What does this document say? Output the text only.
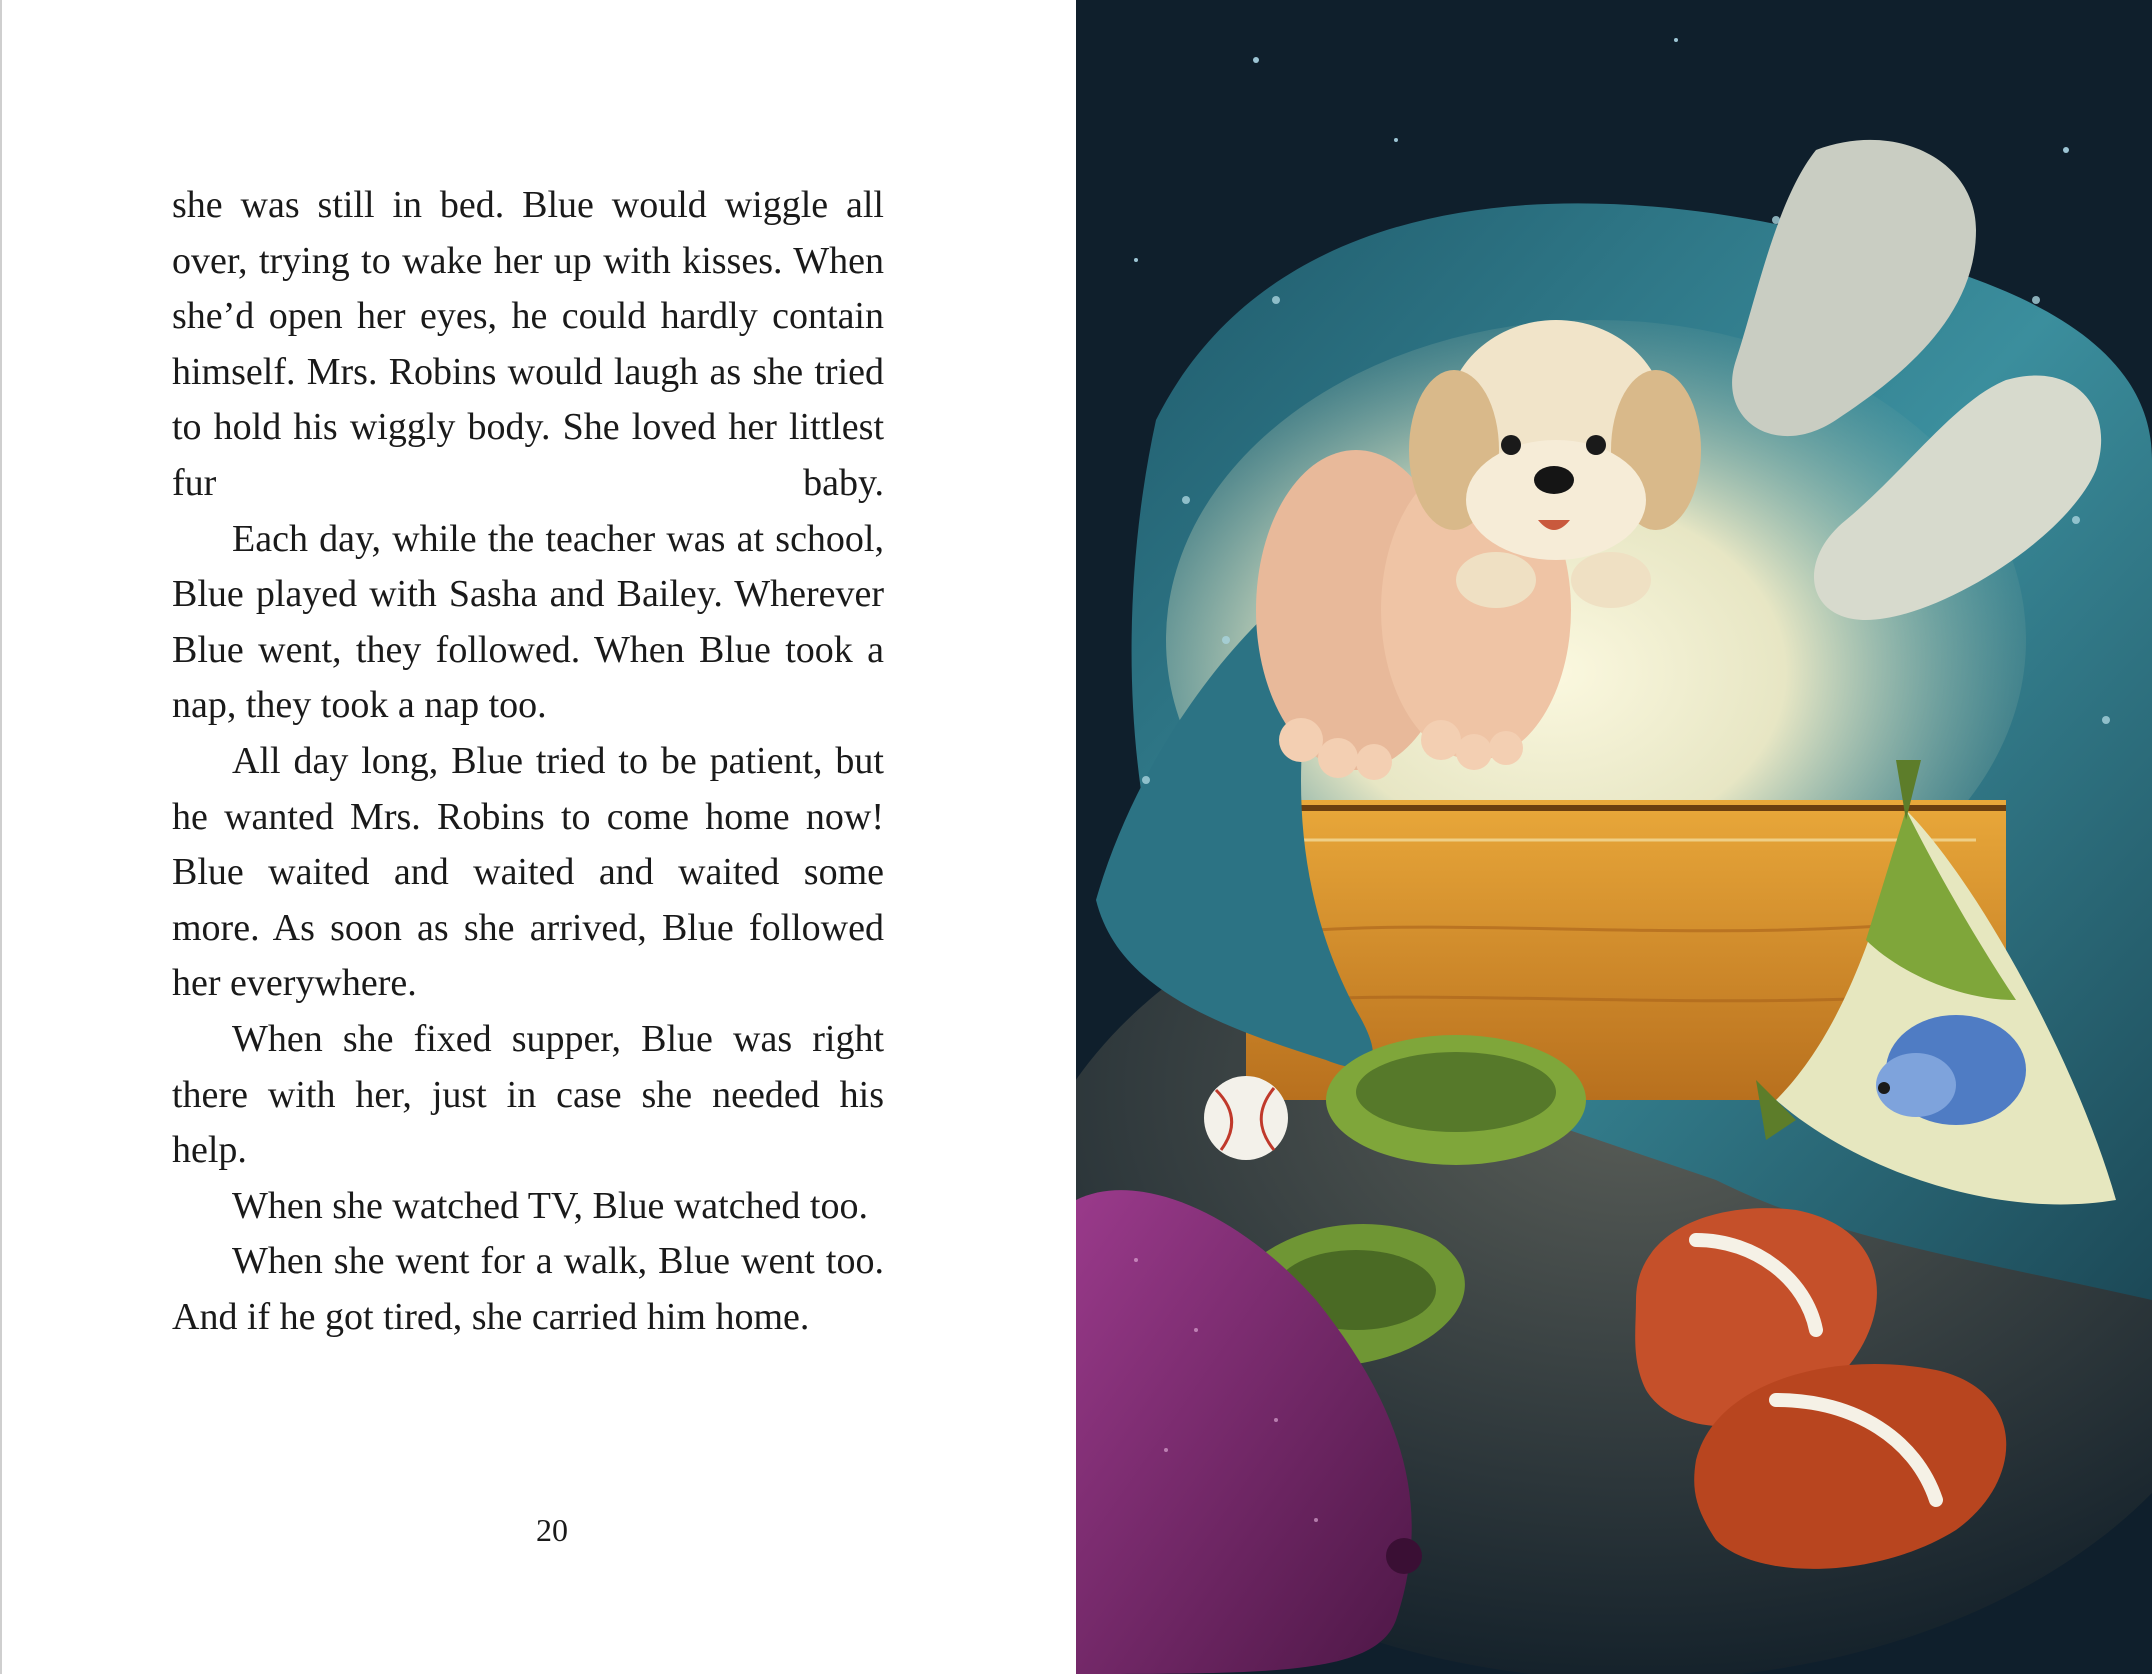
she was still in bed. Blue would wiggle all over, trying to wake her up with kisses. When she’d open her eyes, he could hardly contain himself. Mrs. Robins would laugh as she tried to hold his wiggly body. She loved her littlest fur baby.

Each day, while the teacher was at school, Blue played with Sasha and Bailey. Wherever Blue went, they followed. When Blue took a nap, they took a nap too.

All day long, Blue tried to be patient, but he wanted Mrs. Robins to come home now! Blue waited and waited and waited some more. As soon as she arrived, Blue followed her everywhere.

When she fixed supper, Blue was right there with her, just in case she needed his help.

When she watched TV, Blue watched too.

When she went for a walk, Blue went too. And if he got tired, she carried him home.

20
